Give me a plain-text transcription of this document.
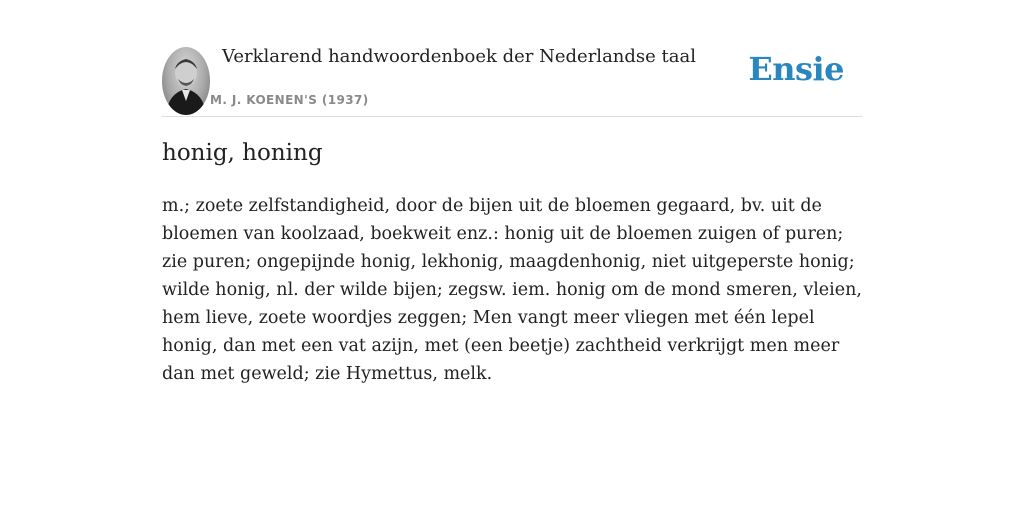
Verklarend handwoordenboek der Nederlandse taal
M. J. KOENEN'S (1937)
Ensie
honig, honing
m.; zoete zelfstandigheid, door de bijen uit de bloemen gegaard, bv. uit de bloemen van koolzaad, boekweit enz.: honig uit de bloemen zuigen of puren; zie puren; ongepijnde honig, lekhonig, maagdenhonig, niet uitgeperste honig; wilde honig, nl. der wilde bijen; zegsw. iem. honig om de mond smeren, vleien, hem lieve, zoete woordjes zeggen; Men vangt meer vliegen met één lepel honig, dan met een vat azijn, met (een beetje) zachtheid verkrijgt men meer dan met geweld; zie Hymettus, melk.
